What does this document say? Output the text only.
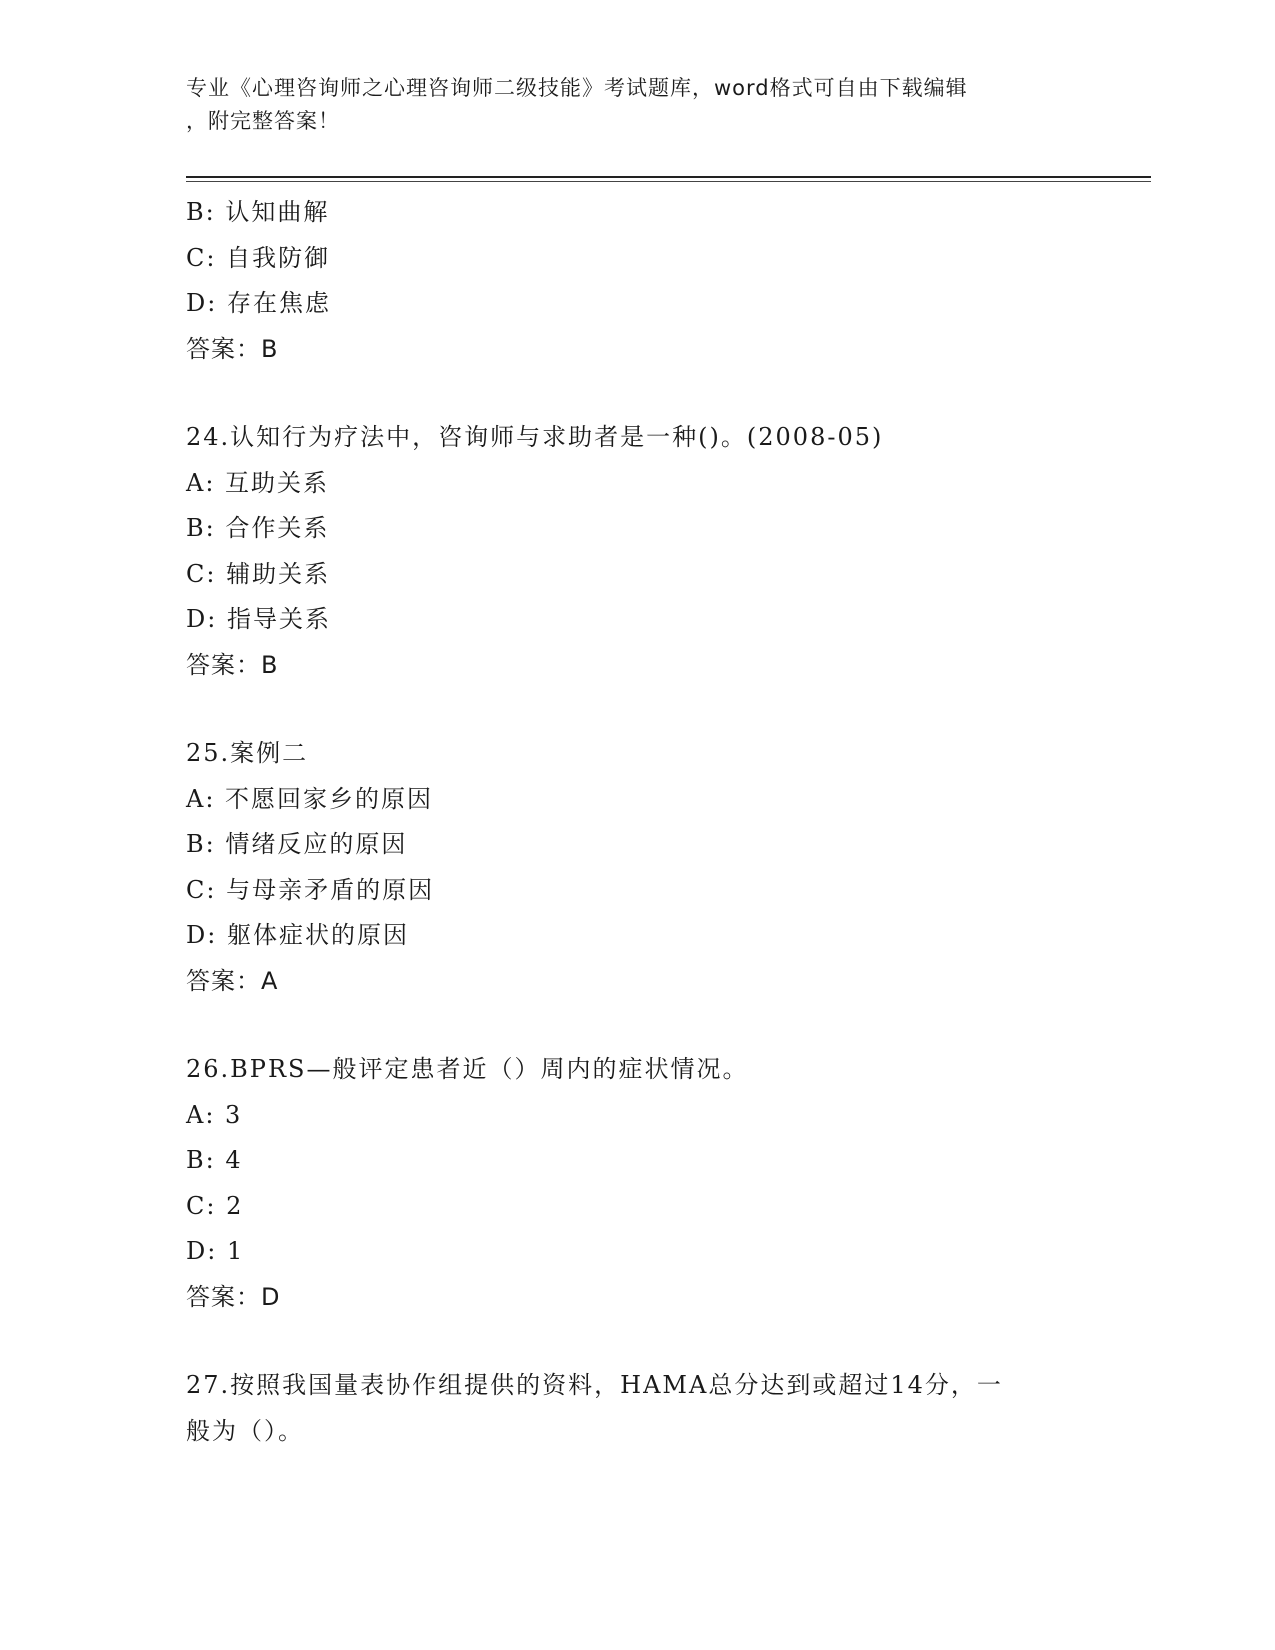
专业《心理咨询师之心理咨询师二级技能》考试题库，word格式可自由下载编辑
，附完整答案！
B: 认知曲解
C: 自我防御
D: 存在焦虑
答案：B
24.认知行为疗法中，咨询师与求助者是一种()。(2008-05)
A: 互助关系
B: 合作关系
C: 辅助关系
D: 指导关系
答案：B
25.案例二
A: 不愿回家乡的原因
B: 情绪反应的原因
C: 与母亲矛盾的原因
D: 躯体症状的原因
答案：A
26.BPRS—般评定患者近（）周内的症状情况。
A: 3
B: 4
C: 2
D: 1
答案：D
27.按照我国量表协作组提供的资料，HAMA总分达到或超过14分，一
般为（）。
